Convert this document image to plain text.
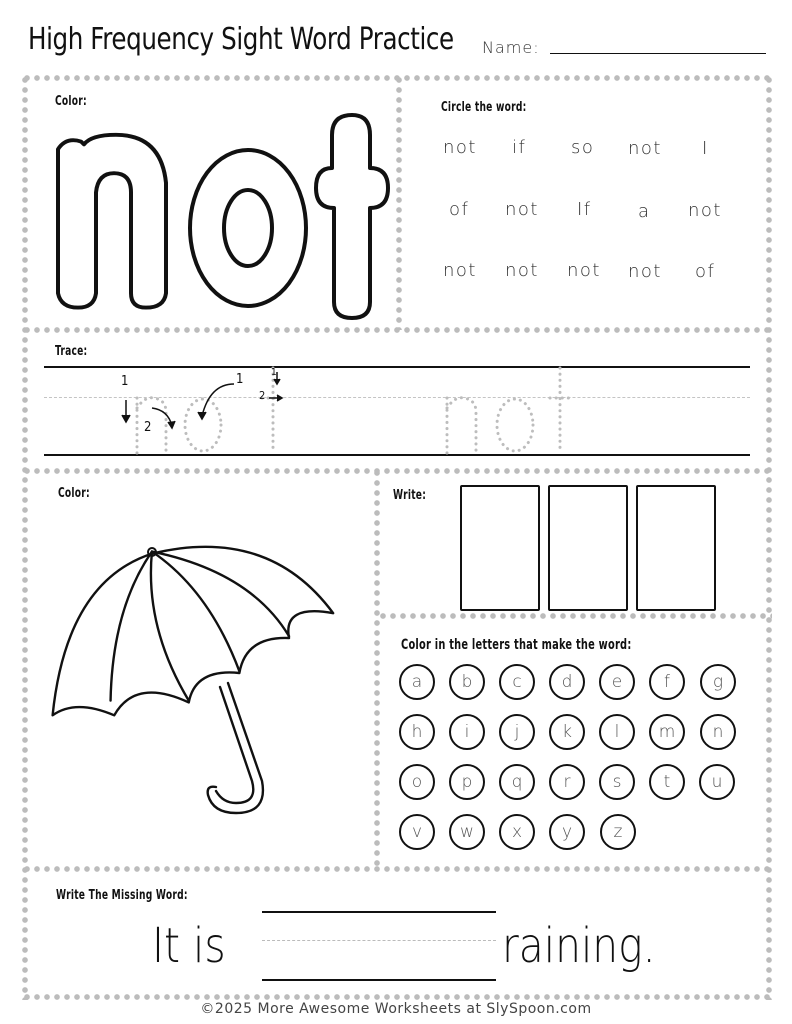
High Frequency Sight Word Practice Name:
Color:	Circle the word:
not if so not I
of not If	a not
not not not not of
Trace:
1
2
1	1
2
Color:	Write:
Color in the letters that make the word:
a	b	c	d	e	f	g
h	i	j	k	l	m	n
o	p	q	r	s	t	u
v	w	x	y	z
Write The Missing Word:
It is	raining.
©2025 More Awesome Worksheets at SlySpoon.com
